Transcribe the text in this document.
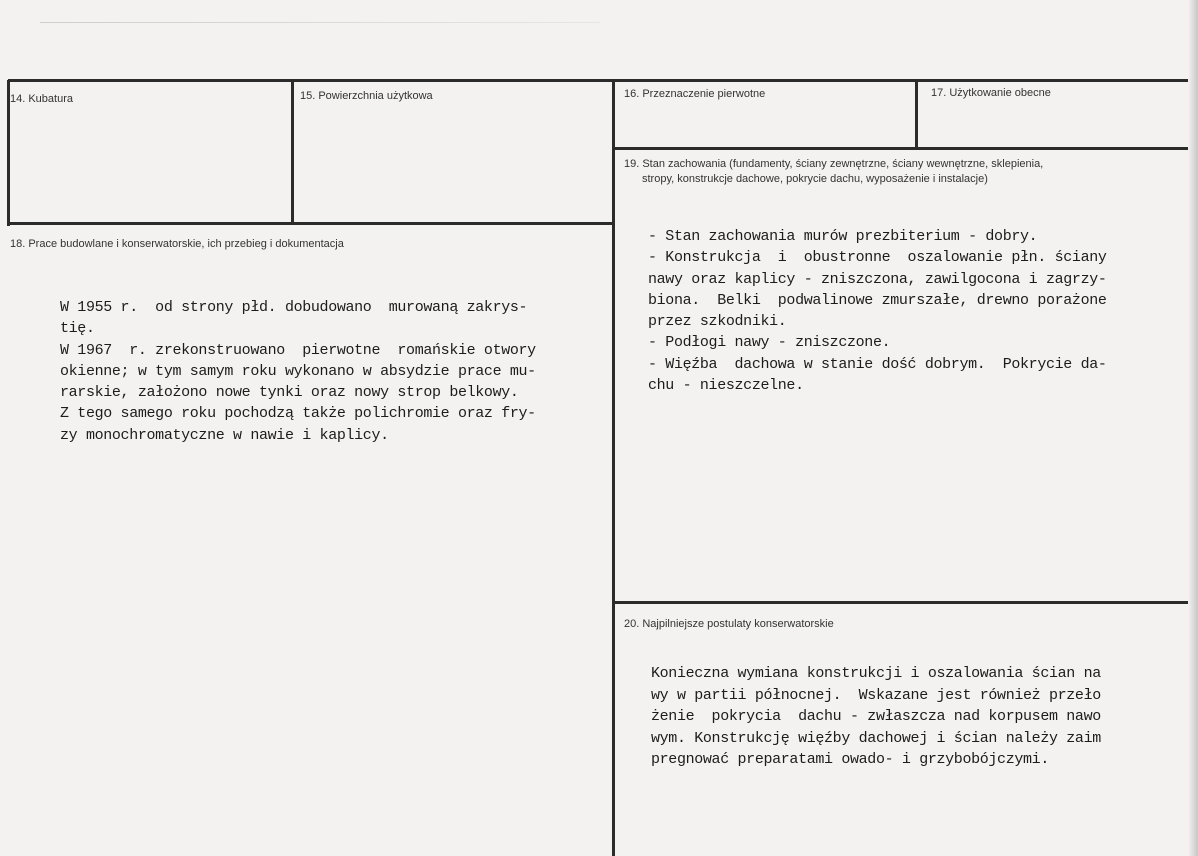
14. Kubatura	15. Powierzchnia użytkowa	16. Przeznaczenie pierwotne	17. Użytkowanie obecne
18. Prace budowlane i konserwatorskie, ich przebieg i dokumentacja
19. Stan zachowania (fundamenty, ściany zewnętrzne, ściany wewnętrzne, sklepienia,
stropy, konstrukcje dachowe, pokrycie dachu, wyposażenie i instalacje)
20. Najpilniejsze postulaty konserwatorskie
W 1955 r.  od strony płd. dobudowano  murowaną zakrys-
tię.
W 1967  r. zrekonstruowano  pierwotne  romańskie otwory
okienne; w tym samym roku wykonano w absydzie prace mu-
rarskie, założono nowe tynki oraz nowy strop belkowy.
Z tego samego roku pochodzą także polichromie oraz fry-
zy monochromatyczne w nawie i kaplicy.
- Stan zachowania murów prezbiterium - dobry.
- Konstrukcja  i  obustronne  oszalowanie płn. ściany
nawy oraz kaplicy - zniszczona, zawilgocona i zagrzy-
biona.  Belki  podwalinowe zmurszałe, drewno porażone
przez szkodniki.
- Podłogi nawy - zniszczone.
- Więźba  dachowa w stanie dość dobrym.  Pokrycie da-
chu - nieszczelne.
Konieczna wymiana konstrukcji i oszalowania ścian na
wy w partii północnej.  Wskazane jest również przeło
żenie  pokrycia  dachu - zwłaszcza nad korpusem nawo
wym. Konstrukcję więźby dachowej i ścian należy zaim
pregnować preparatami owado- i grzybobójczymi.
